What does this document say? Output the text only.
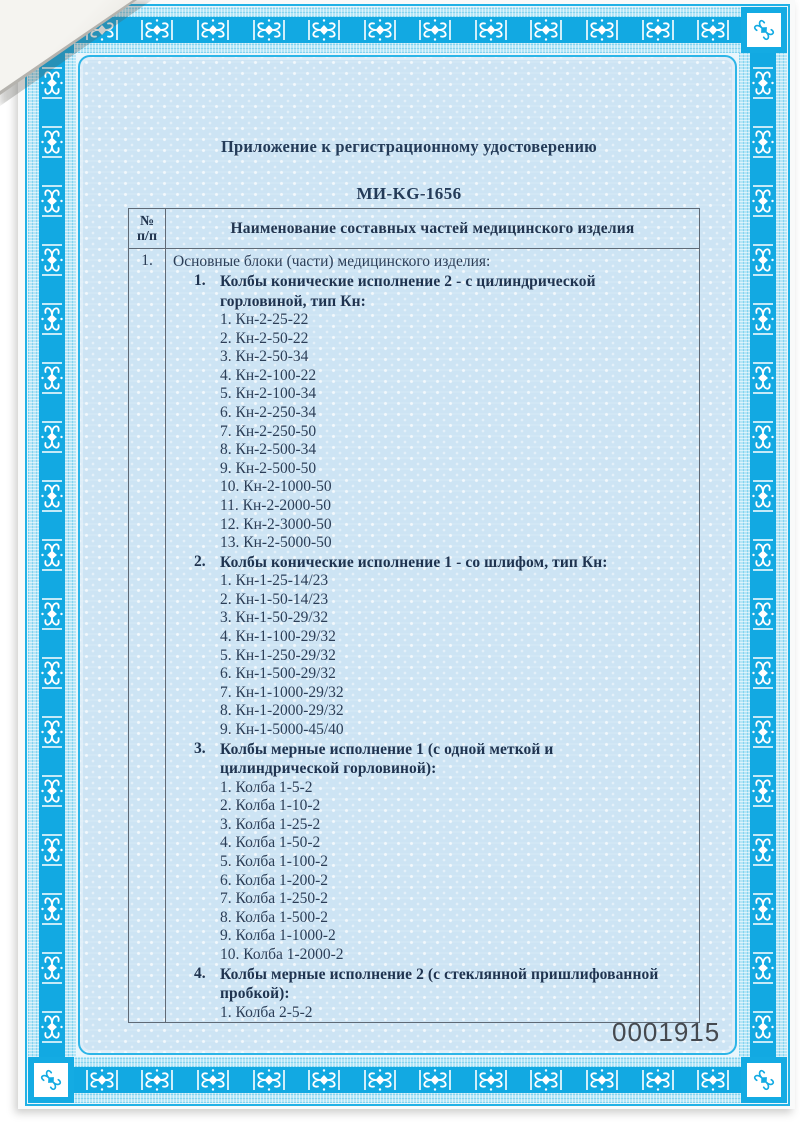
Приложение к регистрационному удостоверению
МИ-KG-1656
№
п/п	Наименование составных частей медицинского изделия
1.	Основные блоки (части) медицинского изделия:
1. Колбы конические исполнение 2 - с цилиндрической горловиной, тип Кн:
1. Кн-2-25-22
2. Кн-2-50-22
3. Кн-2-50-34
4. Кн-2-100-22
5. Кн-2-100-34
6. Кн-2-250-34
7. Кн-2-250-50
8. Кн-2-500-34
9. Кн-2-500-50
10. Кн-2-1000-50
11. Кн-2-2000-50
12. Кн-2-3000-50
13. Кн-2-5000-50
2. Колбы конические исполнение 1 - со шлифом, тип Кн:
1. Кн-1-25-14/23
2. Кн-1-50-14/23
3. Кн-1-50-29/32
4. Кн-1-100-29/32
5. Кн-1-250-29/32
6. Кн-1-500-29/32
7. Кн-1-1000-29/32
8. Кн-1-2000-29/32
9. Кн-1-5000-45/40
3. Колбы мерные исполнение 1 (с одной меткой и цилиндрической горловиной):
1. Колба 1-5-2
2. Колба 1-10-2
3. Колба 1-25-2
4. Колба 1-50-2
5. Колба 1-100-2
6. Колба 1-200-2
7. Колба 1-250-2
8. Колба 1-500-2
9. Колба 1-1000-2
10. Колба 1-2000-2
4. Колбы мерные исполнение 2 (с стеклянной пришлифованной пробкой):
1. Колба 2-5-2
0001915
